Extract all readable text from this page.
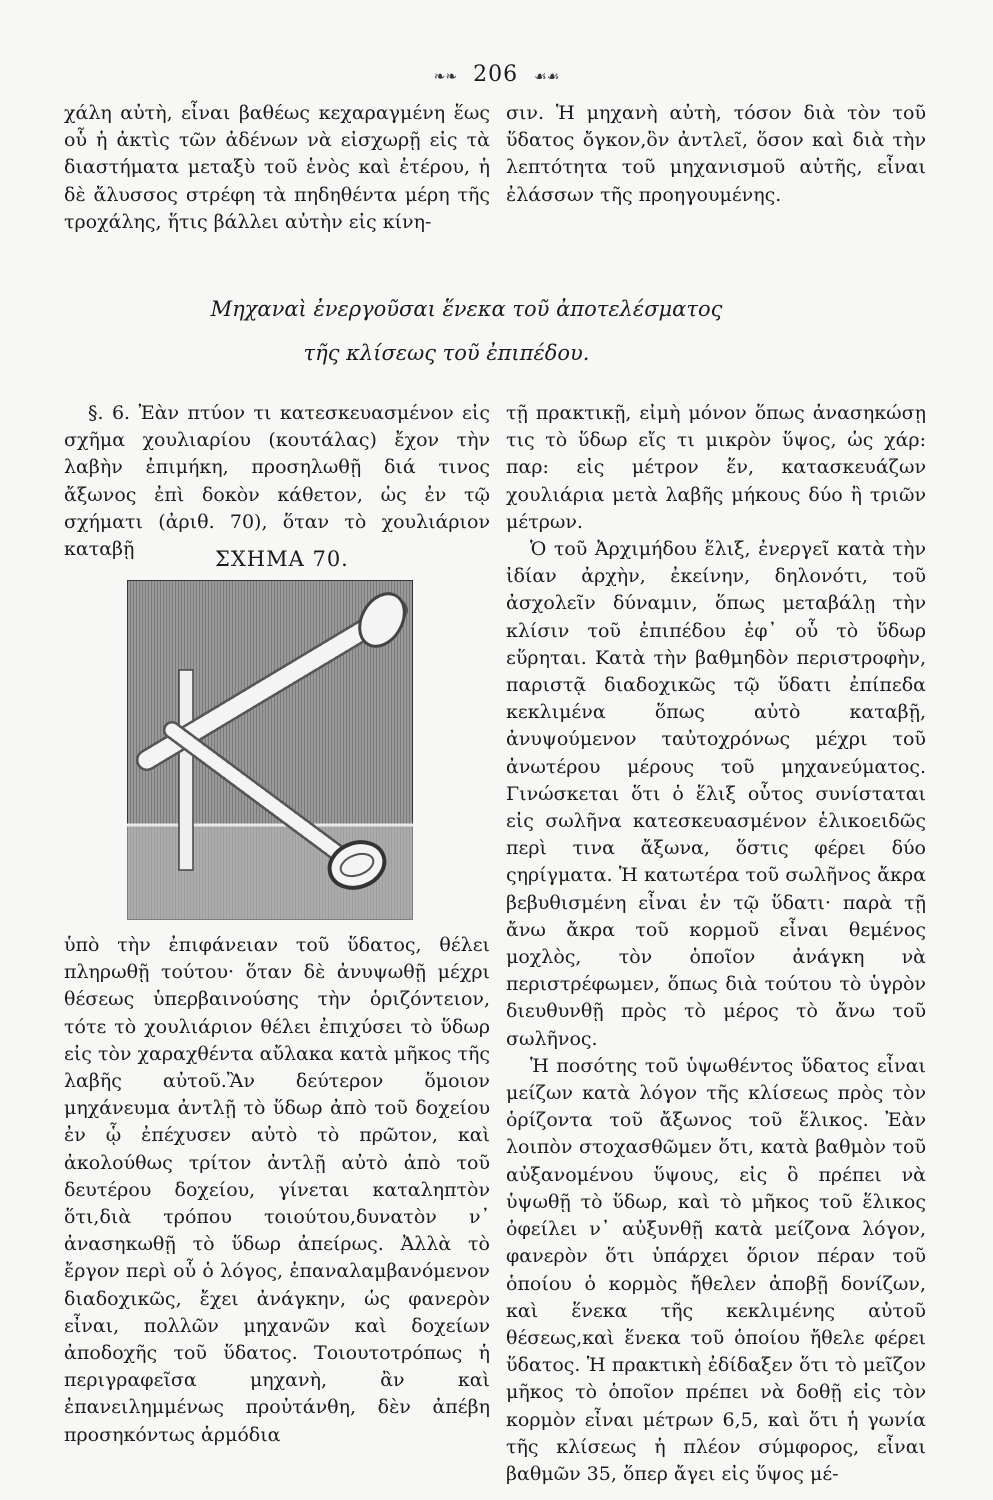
❧❧ 206 ☙☙

χάλη αὐτὴ, εἶναι βαθέως κεχαραγμένη ἕως οὗ ἡ ἀκτὶς τῶν ἀδένων νὰ εἰσχωρῇ εἰς τὰ διαστήματα μεταξὺ τοῦ ἑνὸς καὶ ἑτέρου, ἡ δὲ ἄλυσσος στρέφη τὰ πηδηθέντα μέρη τῆς τροχάλης, ἥτις βάλλει αὐτὴν εἰς κίνη-

σιν. Ἡ μηχανὴ αὐτὴ, τόσον διὰ τὸν τοῦ ὕδατος ὄγκον,ὃν ἀντλεῖ, ὅσον καὶ διὰ τὴν λεπτότητα τοῦ μηχανισμοῦ αὐτῆς, εἶναι ἐλάσσων τῆς προηγουμένης.

Μηχαναὶ ἐνεργοῦσαι ἕνεκα τοῦ ἀποτελέσματος
τῆς κλίσεως τοῦ ἐπιπέδου.

§. 6. Ἐὰν πτύον τι κατεσκευασμένον εἰς σχῆμα χουλιαρίου (κουτάλας) ἔχον τὴν λαβὴν ἐπιμήκη, προσηλωθῇ διά τινος ἄξωνος ἐπὶ δοκὸν κάθετον, ὡς ἐν τῷ σχήματι (ἀριθ. 70), ὅταν τὸ χουλιάριον καταβῇ	ΣΧΗΜΑ 70.

ὑπὸ τὴν ἐπιφάνειαν τοῦ ὕδατος, θέλει πληρωθῇ τούτου· ὅταν δὲ ἀνυψωθῇ μέχρι θέσεως ὑπερβαινούσης τὴν ὁριζόντειον, τότε τὸ χουλιάριον θέλει ἐπιχύσει τὸ ὕδωρ εἰς τὸν χαραχθέντα αὔλακα κατὰ μῆκος τῆς λαβῆς αὐτοῦ.Ἂν δεύτερον ὅμοιον μηχάνευμα ἀντλῇ τὸ ὕδωρ ἀπὸ τοῦ δοχείου ἐν ᾧ ἐπέχυσεν αὐτὸ τὸ πρῶτον, καὶ ἀκολούθως τρίτον ἀντλῇ αὐτὸ ἀπὸ τοῦ δευτέρου δοχείου, γίνεται καταληπτὸν ὅτι,διὰ τρόπου τοιούτου,δυνατὸν ν᾽ ἀνασηκωθῇ τὸ ὕδωρ ἀπείρως. Ἀλλὰ τὸ ἔργον περὶ οὗ ὁ λόγος, ἐπαναλαμβανόμενον διαδοχικῶς, ἔχει ἀνάγκην, ὡς φανερὸν εἶναι, πολλῶν μηχανῶν καὶ δοχείων ἀποδοχῆς τοῦ ὕδατος. Τοιουτοτρόπως ἡ περιγραφεῖσα μηχανὴ, ἂν καὶ ἐπανειλημμένως προὐτάνθη, δὲν ἀπέβη προσηκόντως ἁρμόδια

τῇ πρακτικῇ, εἰμὴ μόνον ὅπως ἀνασηκώσῃ τις τὸ ὕδωρ εἴς τι μικρὸν ὕψος, ὡς χάρ: παρ: εἰς μέτρον ἕν, κατασκευάζων χουλιάρια μετὰ λαβῆς μήκους δύο ἢ τριῶν μέτρων.

Ὁ τοῦ Ἀρχιμήδου ἕλιξ, ἐνεργεῖ κατὰ τὴν ἰδίαν ἀρχὴν, ἐκείνην, δηλονότι, τοῦ ἀσχολεῖν δύναμιν, ὅπως μεταβάλῃ τὴν κλίσιν τοῦ ἐπιπέδου ἐφ᾽ οὗ τὸ ὕδωρ εὕρηται. Κατὰ τὴν βαθμηδὸν περιστροφὴν, παριστᾷ διαδοχικῶς τῷ ὕδατι ἐπίπεδα κεκλιμένα ὅπως αὐτὸ καταβῇ, ἀνυψούμενον ταὐτοχρόνως μέχρι τοῦ ἀνωτέρου μέρους τοῦ μηχανεύματος. Γινώσκεται ὅτι ὁ ἕλιξ οὗτος συνίσταται εἰς σωλῆνα κατεσκευασμένον ἑλικοειδῶς περὶ τινα ἄξωνα, ὅστις φέρει δύο ςηρίγματα. Ἡ κατωτέρα τοῦ σωλῆνος ἄκρα βεβυθισμένη εἶναι ἐν τῷ ὕδατι· παρὰ τῇ ἄνω ἄκρα τοῦ κορμοῦ εἶναι θεμένος μοχλὸς, τὸν ὁποῖον ἀνάγκη νὰ περιστρέφωμεν, ὅπως διὰ τούτου τὸ ὑγρὸν διευθυνθῇ πρὸς τὸ μέρος τὸ ἄνω τοῦ σωλῆνος.

Ἡ ποσότης τοῦ ὑψωθέντος ὕδατος εἶναι μείζων κατὰ λόγον τῆς κλίσεως πρὸς τὸν ὁρίζοντα τοῦ ἄξωνος τοῦ ἕλικος. Ἐὰν λοιπὸν στοχασθῶμεν ὅτι, κατὰ βαθμὸν τοῦ αὐξανομένου ὕψους, εἰς ὃ πρέπει νὰ ὑψωθῇ τὸ ὕδωρ, καὶ τὸ μῆκος τοῦ ἕλικος ὀφείλει ν᾽ αὐξυνθῇ κατὰ μείζονα λόγον, φανερὸν ὅτι ὑπάρχει ὅριον πέραν τοῦ ὁποίου ὁ κορμὸς ἤθελεν ἀποβῇ δονίζων, καὶ ἕνεκα τῆς κεκλιμένης αὐτοῦ θέσεως,καὶ ἕνεκα τοῦ ὁποίου ἤθελε φέρει ὕδατος. Ἡ πρακτικὴ ἐδίδαξεν ὅτι τὸ μεῖζον μῆκος τὸ ὁποῖον πρέπει νὰ δοθῇ εἰς τὸν κορμὸν εἶναι μέτρων 6,5, καὶ ὅτι ἡ γωνία τῆς κλίσεως ἡ πλέον σύμφορος, εἶναι βαθμῶν 35, ὅπερ ἄγει εἰς ὕψος μέ-
